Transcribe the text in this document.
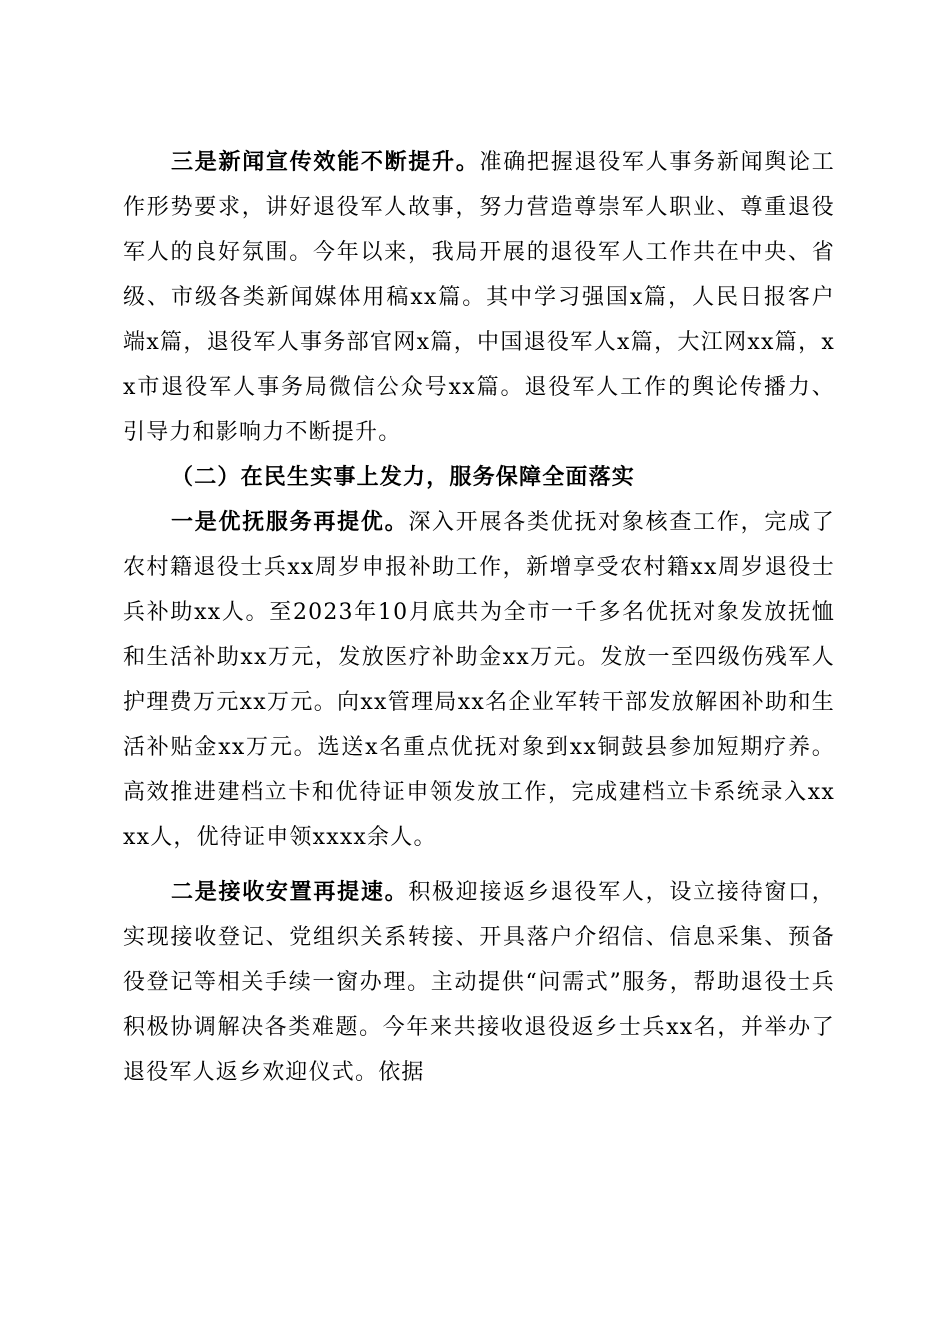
三是新闻宣传效能不断提升。准确把握退役军人事务新闻舆论工作形势要求，讲好退役军人故事，努力营造尊崇军人职业、尊重退役军人的良好氛围。今年以来，我局开展的退役军人工作共在中央、省级、市级各类新闻媒体用稿xx篇。其中学习强国x篇，人民日报客户端x篇，退役军人事务部官网x篇，中国退役军人x篇，大江网xx篇，xx市退役军人事务局微信公众号xx篇。退役军人工作的舆论传播力、引导力和影响力不断提升。

（二）在民生实事上发力，服务保障全面落实

一是优抚服务再提优。深入开展各类优抚对象核查工作，完成了农村籍退役士兵xx周岁申报补助工作，新增享受农村籍xx周岁退役士兵补助xx人。至2023年10月底共为全市一千多名优抚对象发放抚恤和生活补助xx万元，发放医疗补助金xx万元。发放一至四级伤残军人护理费万元xx万元。向xx管理局xx名企业军转干部发放解困补助和生活补贴金xx万元。选送x名重点优抚对象到xx铜鼓县参加短期疗养。高效推进建档立卡和优待证申领发放工作，完成建档立卡系统录入xxxx人，优待证申领xxxx余人。

二是接收安置再提速。积极迎接返乡退役军人，设立接待窗口，实现接收登记、党组织关系转接、开具落户介绍信、信息采集、预备役登记等相关手续一窗办理。主动提供“问需式”服务，帮助退役士兵积极协调解决各类难题。今年来共接收退役返乡士兵xx名，并举办了退役军人返乡欢迎仪式。依据
